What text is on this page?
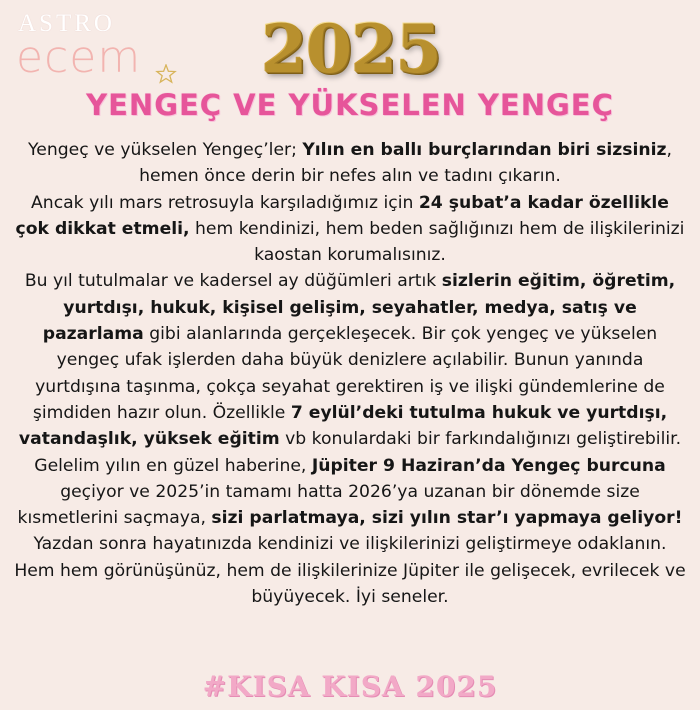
ASTRO
ecem	2025
YENGEÇ VE YÜKSELEN YENGEÇ

Yengeç ve yükselen Yengeç’ler; Yılın en ballı burçlarından biri sizsiniz, hemen önce derin bir nefes alın ve tadını çıkarın.

Ancak yılı mars retrosuyla karşıladığımız için 24 şubat’a kadar özellikle çok dikkat etmeli, hem kendinizi, hem beden sağlığınızı hem de ilişkilerinizi kaostan korumalısınız.

Bu yıl tutulmalar ve kadersel ay düğümleri artık sizlerin eğitim, öğretim, yurtdışı, hukuk, kişisel gelişim, seyahatler, medya, satış ve pazarlama gibi alanlarında gerçekleşecek. Bir çok yengeç ve yükselen yengeç ufak işlerden daha büyük denizlere açılabilir. Bunun yanında yurtdışına taşınma, çokça seyahat gerektiren iş ve ilişki gündemlerine de şimdiden hazır olun. Özellikle 7 eylül’deki tutulma hukuk ve yurtdışı, vatandaşlık, yüksek eğitim vb konulardaki bir farkındalığınızı geliştirebilir.

Gelelim yılın en güzel haberine, Jüpiter 9 Haziran’da Yengeç burcuna geçiyor ve 2025’in tamamı hatta 2026’ya uzanan bir dönemde size kısmetlerini saçmaya, sizi parlatmaya, sizi yılın star’ı yapmaya geliyor! Yazdan sonra hayatınızda kendinizi ve ilişkilerinizi geliştirmeye odaklanın. Hem hem görünüşünüz, hem de ilişkilerinize Jüpiter ile gelişecek, evrilecek ve büyüyecek. İyi seneler.

#KISA KISA 2025
